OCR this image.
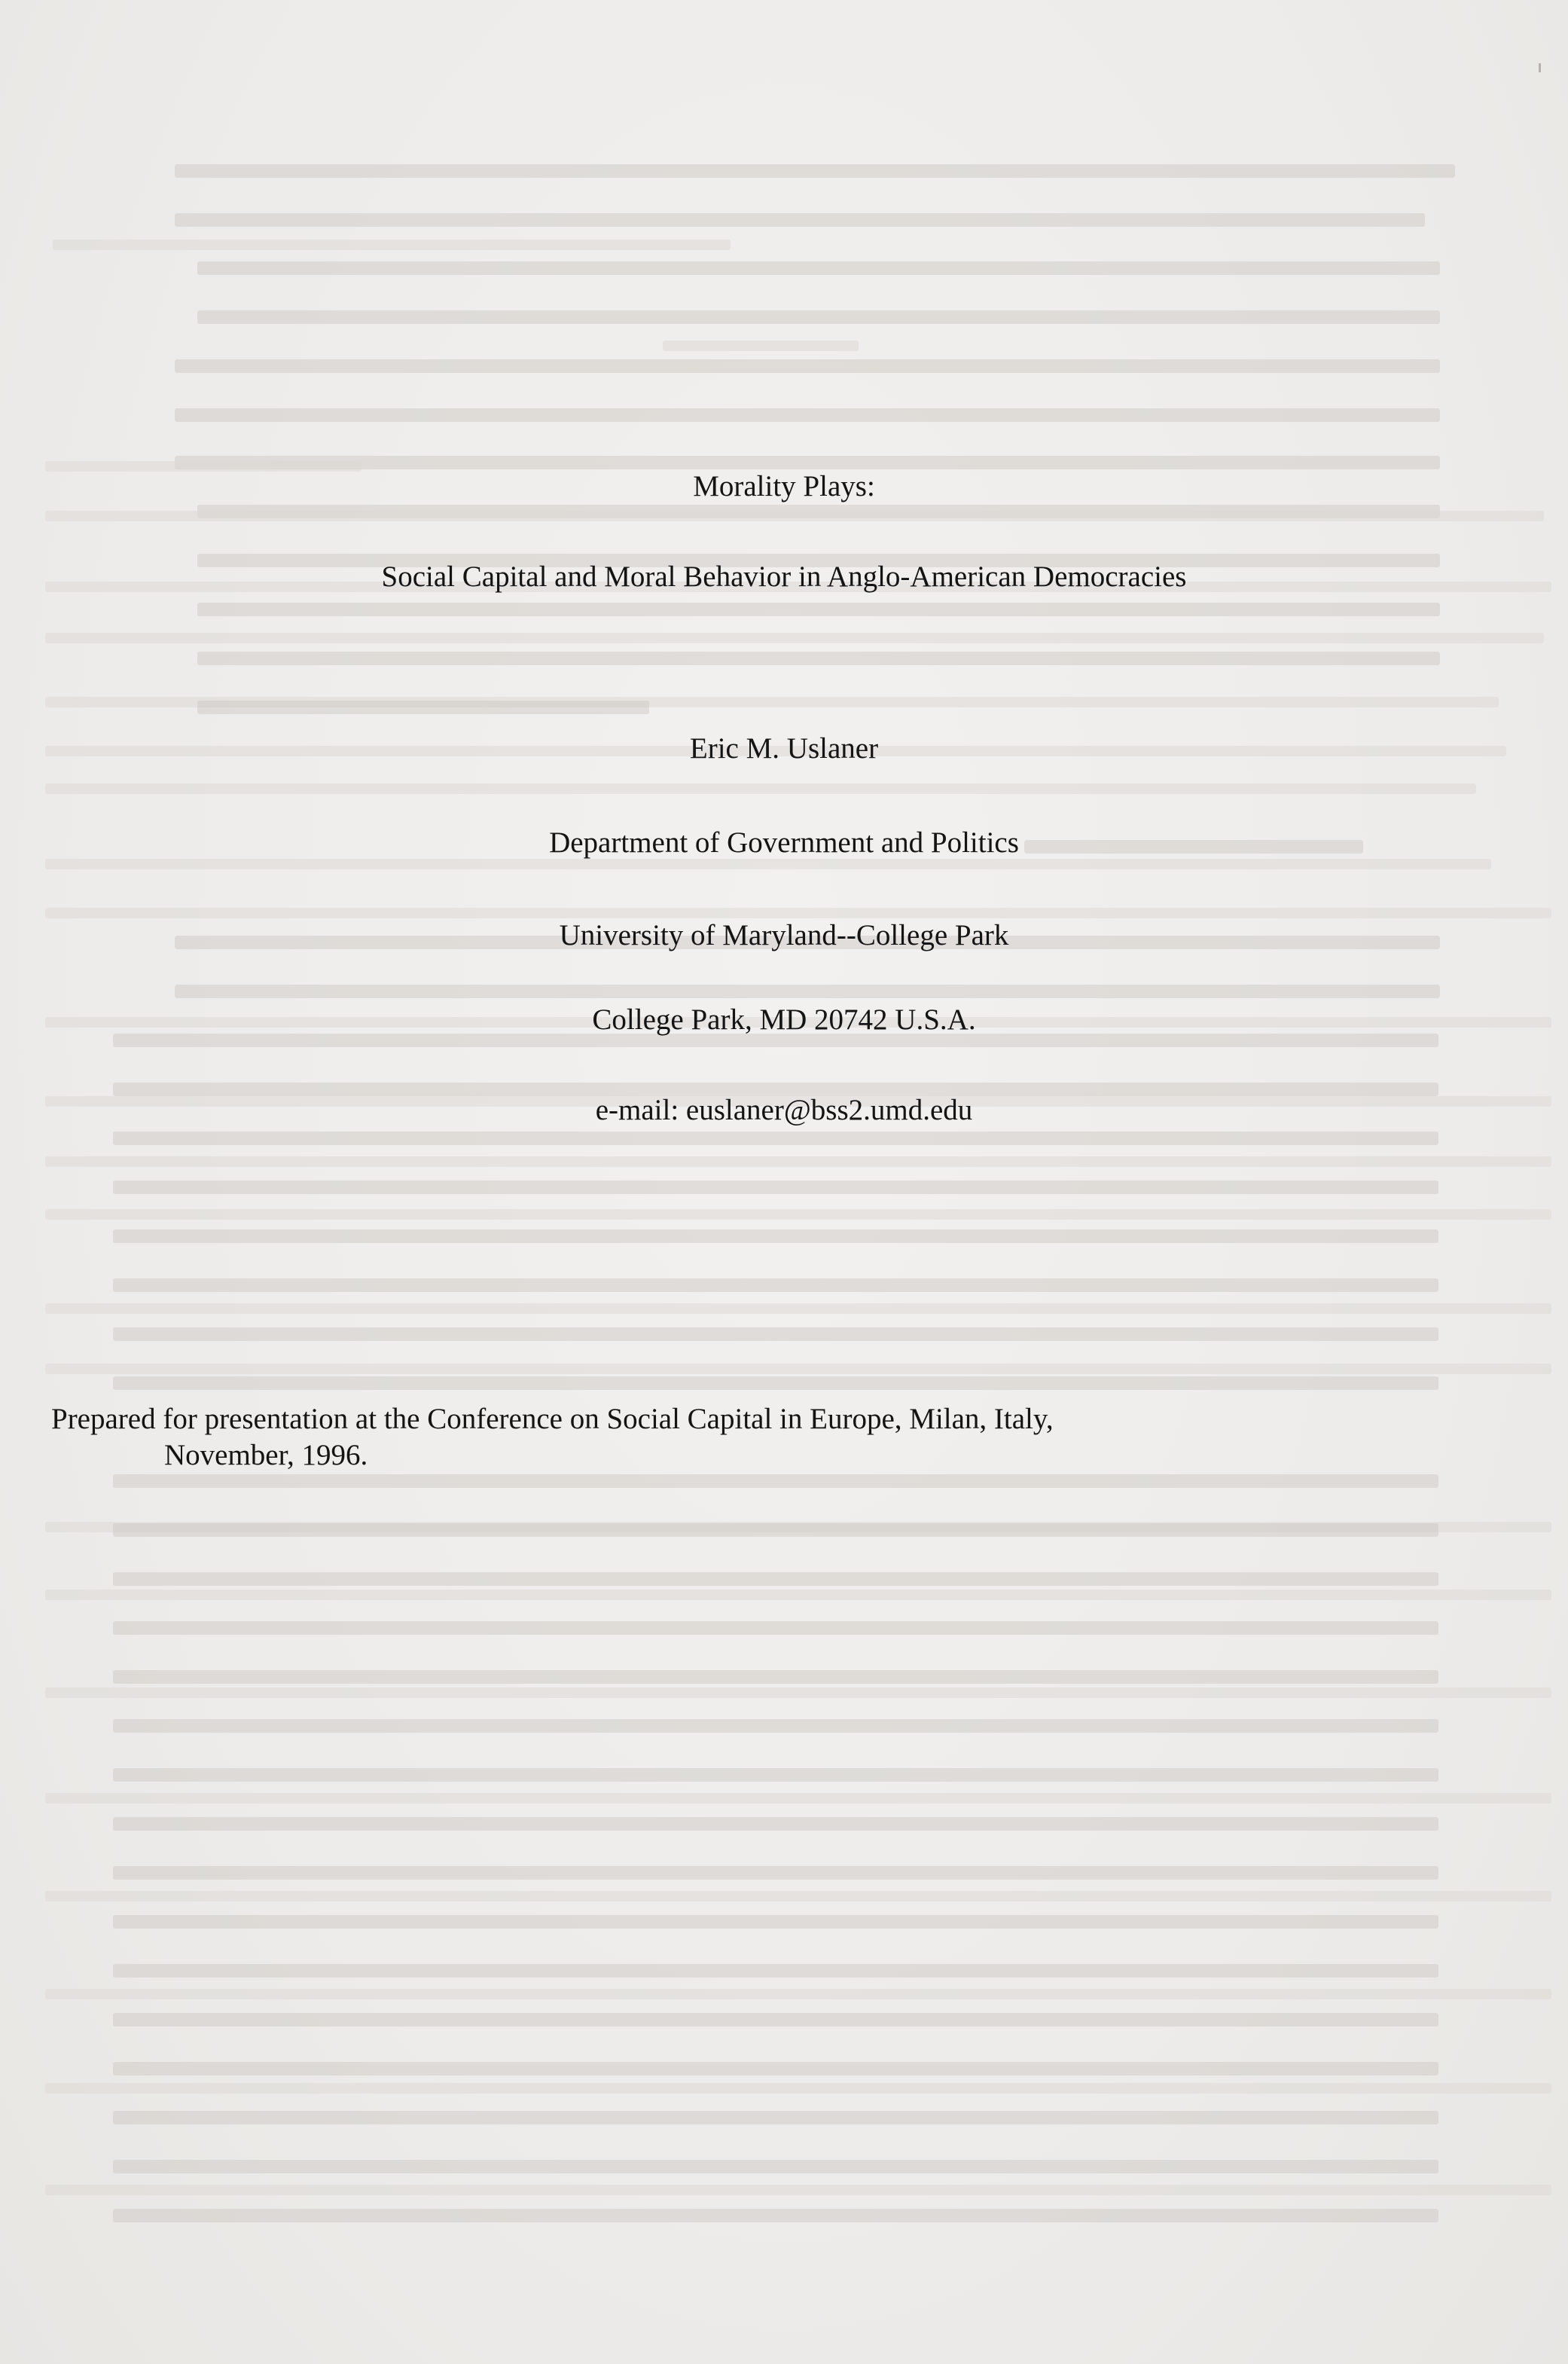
Morality Plays:
Social Capital and Moral Behavior in Anglo-American Democracies
Eric M. Uslaner
Department of Government and Politics
University of Maryland--College Park
College Park, MD 20742 U.S.A.
e-mail: euslaner@bss2.umd.edu
Prepared for presentation at the Conference on Social Capital in Europe, Milan, Italy,
November, 1996.
